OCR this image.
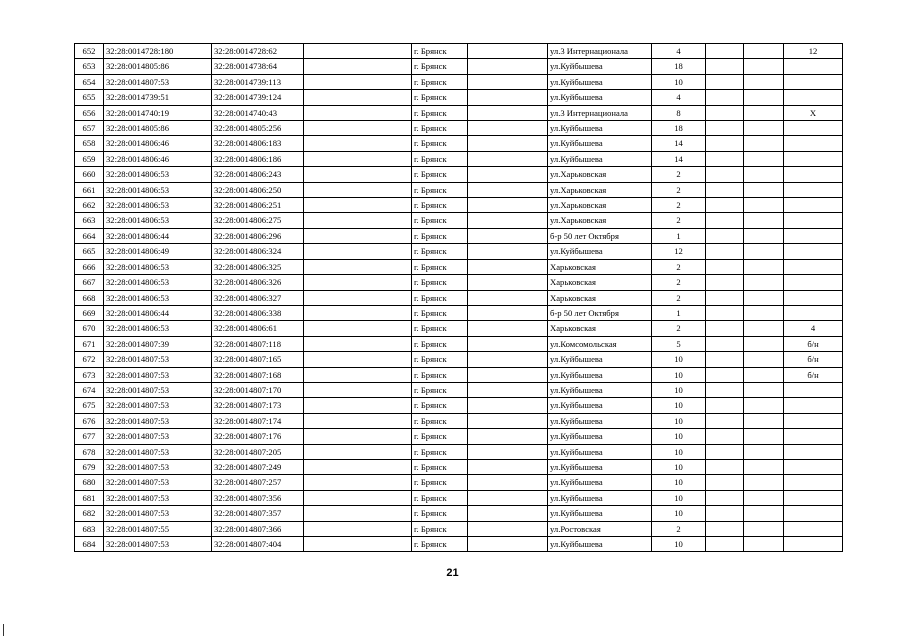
652	32:28:0014728:180	32:28:0014728:62		г. Брянск		ул.3 Интернационала	4			12
653	32:28:0014805:86	32:28:0014738:64		г. Брянск		ул.Куйбышева	18			
654	32:28:0014807:53	32:28:0014739:113		г. Брянск		ул.Куйбышева	10			
655	32:28:0014739:51	32:28:0014739:124		г. Брянск		ул.Куйбышева	4			
656	32:28:0014740:19	32:28:0014740:43		г. Брянск		ул.3 Интернационала	8			X
657	32:28:0014805:86	32:28:0014805:256		г. Брянск		ул.Куйбышева	18			
658	32:28:0014806:46	32:28:0014806:183		г. Брянск		ул.Куйбышева	14			
659	32:28:0014806:46	32:28:0014806:186		г. Брянск		ул.Куйбышева	14			
660	32:28:0014806:53	32:28:0014806:243		г. Брянск		ул.Харьковская	2			
661	32:28:0014806:53	32:28:0014806:250		г. Брянск		ул.Харьковская	2			
662	32:28:0014806:53	32:28:0014806:251		г. Брянск		ул.Харьковская	2			
663	32:28:0014806:53	32:28:0014806:275		г. Брянск		ул.Харьковская	2			
664	32:28:0014806:44	32:28:0014806:296		г. Брянск		б-р 50 лет Октября	1			
665	32:28:0014806:49	32:28:0014806:324		г. Брянск		ул.Куйбышева	12			
666	32:28:0014806:53	32:28:0014806:325		г. Брянск		Харьковская	2			
667	32:28:0014806:53	32:28:0014806:326		г. Брянск		Харьковская	2			
668	32:28:0014806:53	32:28:0014806:327		г. Брянск		Харьковская	2			
669	32:28:0014806:44	32:28:0014806:338		г. Брянск		б-р 50 лет Октября	1			
670	32:28:0014806:53	32:28:0014806:61		г. Брянск		Харьковская	2			4
671	32:28:0014807:39	32:28:0014807:118		г. Брянск		ул.Комсомольская	5			б/н
672	32:28:0014807:53	32:28:0014807:165		г. Брянск		ул.Куйбышева	10			б/н
673	32:28:0014807:53	32:28:0014807:168		г. Брянск		ул.Куйбышева	10			б/н
674	32:28:0014807:53	32:28:0014807:170		г. Брянск		ул.Куйбышева	10			
675	32:28:0014807:53	32:28:0014807:173		г. Брянск		ул.Куйбышева	10			
676	32:28:0014807:53	32:28:0014807:174		г. Брянск		ул.Куйбышева	10			
677	32:28:0014807:53	32:28:0014807:176		г. Брянск		ул.Куйбышева	10			
678	32:28:0014807:53	32:28:0014807:205		г. Брянск		ул.Куйбышева	10			
679	32:28:0014807:53	32:28:0014807:249		г. Брянск		ул.Куйбышева	10			
680	32:28:0014807:53	32:28:0014807:257		г. Брянск		ул.Куйбышева	10			
681	32:28:0014807:53	32:28:0014807:356		г. Брянск		ул.Куйбышева	10			
682	32:28:0014807:53	32:28:0014807:357		г. Брянск		ул.Куйбышева	10			
683	32:28:0014807:55	32:28:0014807:366		г. Брянск		ул.Ростовская	2			
684	32:28:0014807:53	32:28:0014807:404		г. Брянск		ул.Куйбышева	10			
21
